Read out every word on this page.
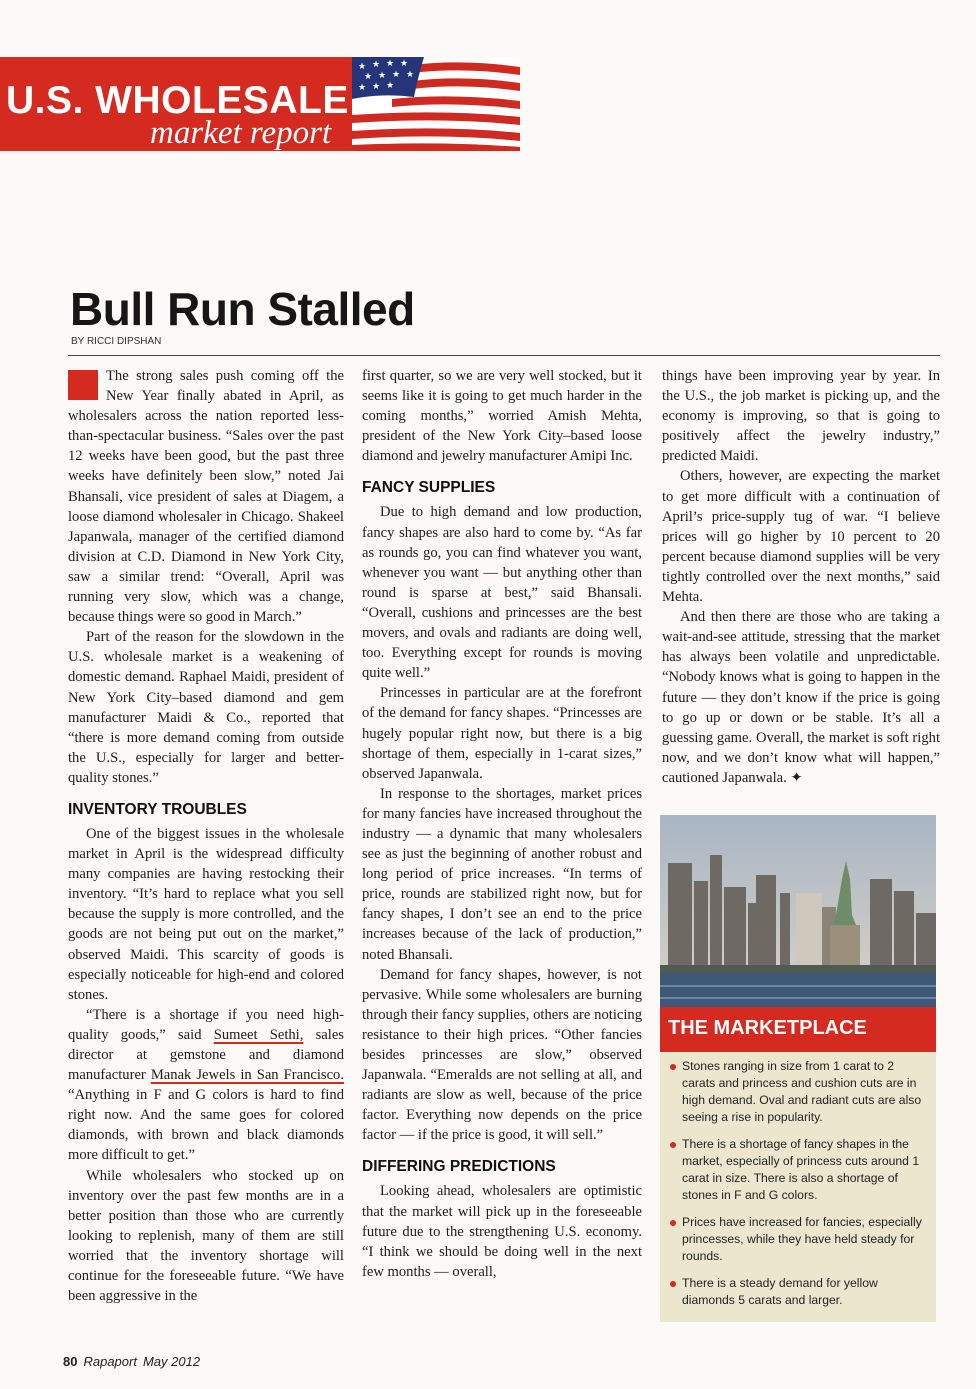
U.S. WHOLESALE
market report
★ ★ ★ ★
★ ★ ★ ★
★ ★ ★
Bull Run Stalled
BY RICCI DIPSHAN

The strong sales push coming off the New Year finally abated in April, as wholesalers across the nation reported less-than-spectacular business. “Sales over the past 12 weeks have been good, but the past three weeks have definitely been slow,” noted Jai Bhansali, vice president of sales at Diagem, a loose diamond wholesaler in Chicago. Shakeel Japanwala, manager of the certified diamond division at C.D. Diamond in New York City, saw a similar trend: “Overall, April was running very slow, which was a change, because things were so good in March.”

Part of the reason for the slowdown in the U.S. wholesale market is a weakening of domestic demand. Raphael Maidi, president of New York City–based diamond and gem manufacturer Maidi & Co., reported that “there is more demand coming from outside the U.S., especially for larger and better-quality stones.”

INVENTORY TROUBLES

One of the biggest issues in the wholesale market in April is the widespread difficulty many companies are having restocking their inventory. “It’s hard to replace what you sell because the supply is more controlled, and the goods are not being put out on the market,” observed Maidi. This scarcity of goods is especially noticeable for high-end and colored stones.

“There is a shortage if you need high-quality goods,” said Sumeet Sethi, sales director at gemstone and diamond manufacturer Manak Jewels in San Francisco. “Anything in F and G colors is hard to find right now. And the same goes for colored diamonds, with brown and black diamonds more difficult to get.”

While wholesalers who stocked up on inventory over the past few months are in a better position than those who are currently looking to replenish, many of them are still worried that the inventory shortage will continue for the foreseeable future. “We have been aggressive in the

first quarter, so we are very well stocked, but it seems like it is going to get much harder in the coming months,” worried Amish Mehta, president of the New York City–based loose diamond and jewelry manufacturer Amipi Inc.

FANCY SUPPLIES

Due to high demand and low production, fancy shapes are also hard to come by. “As far as rounds go, you can find whatever you want, whenever you want — but anything other than round is sparse at best,” said Bhansali. “Overall, cushions and princesses are the best movers, and ovals and radiants are doing well, too. Everything except for rounds is moving quite well.”

Princesses in particular are at the forefront of the demand for fancy shapes. “Princesses are hugely popular right now, but there is a big shortage of them, especially in 1-carat sizes,” observed Japanwala.

In response to the shortages, market prices for many fancies have increased throughout the industry — a dynamic that many wholesalers see as just the beginning of another robust and long period of price increases. “In terms of price, rounds are stabilized right now, but for fancy shapes, I don’t see an end to the price increases because of the lack of production,” noted Bhansali.

Demand for fancy shapes, however, is not pervasive. While some wholesalers are burning through their fancy supplies, others are noticing resistance to their high prices. “Other fancies besides princesses are slow,” observed Japanwala. “Emeralds are not selling at all, and radiants are slow as well, because of the price factor. Everything now depends on the price factor — if the price is good, it will sell.”

DIFFERING PREDICTIONS

Looking ahead, wholesalers are optimistic that the market will pick up in the foreseeable future due to the strengthening U.S. economy. “I think we should be doing well in the next few months — overall,

things have been improving year by year. In the U.S., the job market is picking up, and the economy is improving, so that is going to positively affect the jewelry industry,” predicted Maidi.

Others, however, are expecting the market to get more difficult with a continuation of April’s price-supply tug of war. “I believe prices will go higher by 10 percent to 20 percent because diamond supplies will be very tightly controlled over the next months,” said Mehta.

And then there are those who are taking a wait-and-see attitude, stressing that the market has always been volatile and unpredictable. “Nobody knows what is going to happen in the future — they don’t know if the price is going to go up or down or be stable. It’s all a guessing game. Overall, the market is soft right now, and we don’t know what will happen,” cautioned Japanwala. ✦

THE MARKETPLACE
Stones ranging in size from 1 carat to 2 carats and princess and cushion cuts are in high demand. Oval and radiant cuts are also seeing a rise in popularity.
There is a shortage of fancy shapes in the market, especially of princess cuts around 1 carat in size. There is also a shortage of stones in F and G colors.
Prices have increased for fancies, especially princesses, while they have held steady for rounds.
There is a steady demand for yellow diamonds 5 carats and larger.
80 Rapaport May 2012
